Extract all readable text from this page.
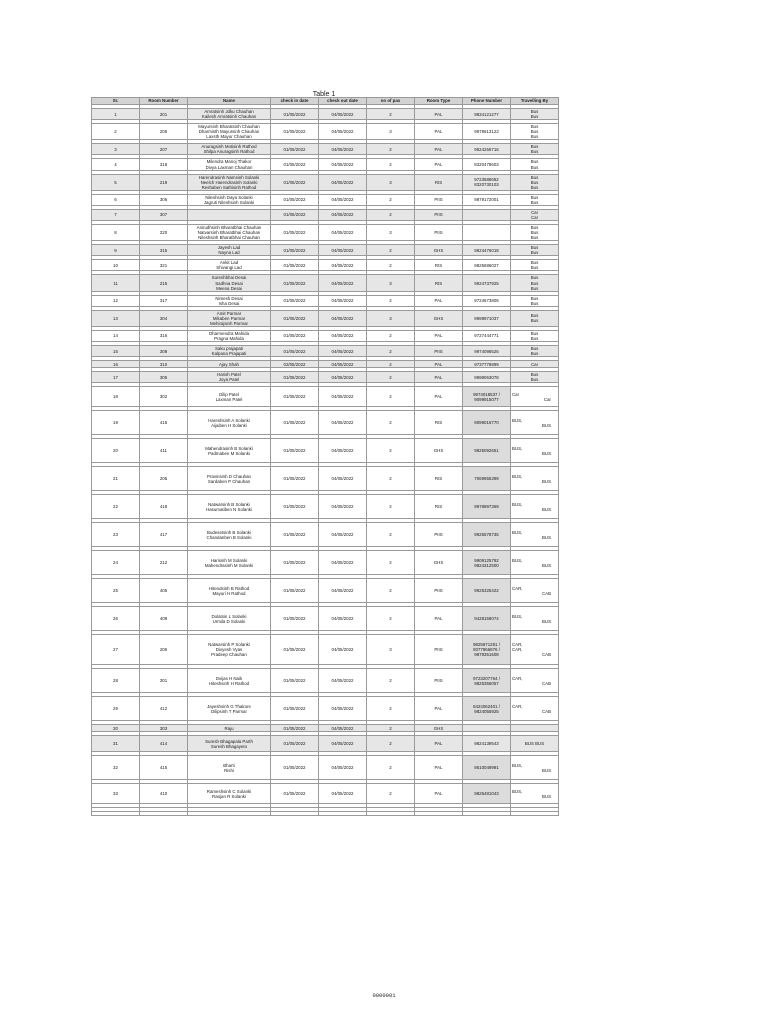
Table 1
Sr.	Room Number	Name	check in date	check out date	no of pax	Room Type	Phone Number	Travelling By

1	201	Amratsinh Jdku Chauhan
Kailesh Amratsinh Chauhan	01/05/2022	04/05/2022	2	PAL	9834121277	Bus
Bus

2	206	Mayursinh Bharatsinh Chauhan
Dharmisth Mayursinh Chauhan
Laxsth Mayur Chauhan	01/05/2022	04/05/2022	3	PAL	9978613123	Bus
Bus
Bus

3	207	Anuragsinh Motisinh Rathod
Shilpa Anuragsinh Rathod	01/05/2022	04/05/2022	2	PAL	9924256716	Bus
Bus

4	318	Milendra Manoj Thakor
Divya Laxman Chauhan	01/05/2022	04/05/2022	2	PAL	8320478603	Bus
Bus

5	219	Harendrasinh Namsinh Solanki
Neelch Harendrasinh Solanki
Reshaben Sathisinh Rathod	01/05/2022	04/05/2022	3	RIS	9723588682
8320730103	Bus
Bus
Bus

6	306	Nileshsinh Daya Solanki
Jagruti Nileshsinh Solanki	01/05/2022	04/05/2022	2	PIIS	9879172001	Bus
Bus

7	307		01/05/2022	04/05/2022	2	PIIS		Car
Car

8	220	Anirudhsinh Bharatbhai Chauhan
Natvarsinh Bharatbhai Chauhan
Nileshsinh Bharatbhai Chauhan	01/05/2022	04/05/2022	3	PIIS		Bus
Bus
Bus

9	315	Jayesh Lad
Nayna Lad	01/05/2022	04/05/2022	2	GHS	9824476018	Bus
Bus

10	321	Ankit Lad
Shivangi Lad	01/05/2022	04/05/2022	2	RIS	9825686027	Bus
Bus

11	215	Sureshbhai Desai
Sadhna Desai
Meena Desai	01/05/2022	04/05/2022	3	RIS	9924737925	Bus
Bus
Bus

12	317	Nimesh Desai
Isha Desai	01/05/2022	04/05/2022	2	PAL	9724673805	Bus
Bus

13	304	Amit Parmar
Mikaben Parmar
Mehirajsinh Parmar	01/05/2022	04/05/2022	3	GHS	9998971037	Bus
Bus

14	316	Dharmendra Mahida
Pragna Mahida	01/05/2022	04/05/2022	2	PAL	9727444771	Bus
Bus

15	308	Saku prajapati
Kalpana Prajapati	01/05/2022	04/05/2022	2	PIIS	9974098526	Bus
Bus

16	310	Ajay Shah	02/05/2022	04/05/2022	2	PAL	9737778899	Car

17	305	Harish Patel
Joya Patel	01/05/2022	04/05/2022	2	PAL	9998063078	Bus
Bus

18	302	Dilip Patel
Laxman Patel	01/05/2022	04/05/2022	2	PAL	9974018537 /
9099915077	Car
Car

19	416	Hareshsinh A Solanki
Aijaiben H Solanki	01/05/2022	04/05/2022	2	RIS	9099016770	BUS,
BUS

20	411	Mahendrasinh B Solanki
Padmaben M Solanki	01/05/2022	04/05/2022	2	GHS	9825092651	BUS,
BUS

21	205	Pravinsinh D Chauhan
Sardaben P Chauhan	01/05/2022	04/05/2022	2	RIS	7069955399	BUS,
BUS

22	418	Natwarsinh B Solanki
Hasumatiben N Solanki	01/05/2022	04/05/2022	2	RIS	9978897369	BUS,
BUS

23	417	Budesetsinh B Solanki
Chandanben B Solanki	01/05/2022	04/05/2022	2	PIIS	9925678735	BUS,
BUS

24	212	Harisinh M Solanki
Mahendrasinh M Solanki	01/05/2022	04/05/2022	2	GHS	9909125792
9824312500	BUS,
BUS

25	405	Hitendsinh B Rathod
Mayuri H Rathod	01/05/2022	04/05/2022	2	PIIS	9925325422	CAR,
CAB

26	409	Dolatsin L Solanki
Urmila D Solanki	01/05/2022	04/05/2022	2	PAL	9428159074	BUS,
BUS

27	206	Natwarsinh P Solanki
Divyesh Vyas
Pradeep Chauhan	01/05/2022	04/05/2022	3	PIIS	9825871291 /
9377866876 /
9879351508	CAR,
CAR,
CAB

28	301	Dvijas H Naik
Hiteshsinh H Rathod	01/05/2022	04/05/2022	2	PIIS	9723207764 /
9825356057	CAR,
CAB

29	412	Jayeshsinh G Thakore
Dilipsinh T Parmar	01/05/2022	04/05/2022	2	PAL	8424062401 /
9824055925	CAR,
CAB

30	303	Raju	01/05/2022	04/05/2022	2	GHS	

31	414	Suresh Bhagapala Parth
Suresh Bhagayeto	01/05/2022	04/05/2022	2	PAL	9824139543	BUS BUS

32	415	Bharti
Rishi	01/05/2022	04/05/2022	2	PAL	9510049991	BUS,
BUS

33	410	Rameshsinh C Solanki
Ranjan R Solanki	01/05/2022	04/05/2022	2	PAL	9825481043	BUS,
BUS

0000001
